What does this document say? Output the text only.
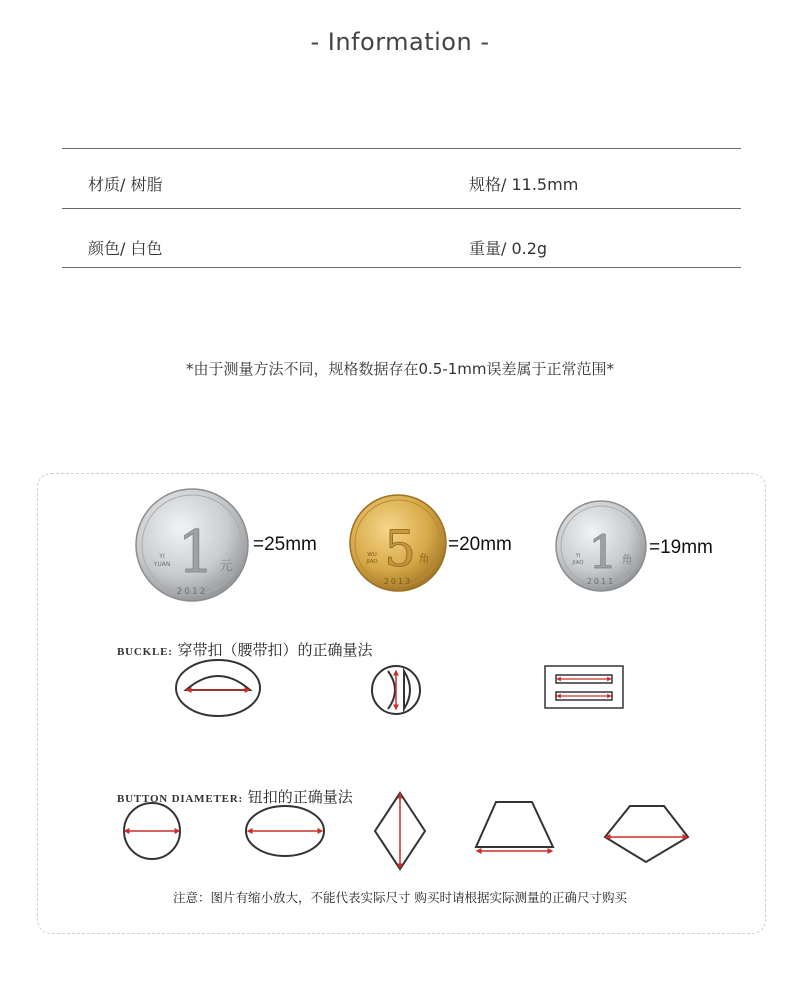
- Information -
材质/ 树脂	规格/ 11.5mm
颜色/ 白色	重量/ 0.2g
*由于测量方法不同，规格数据存在0.5-1mm误差属于正常范围*
1 元
YI
YUAN
2012
5 角
WU
JIAO
2013
1 角
YI
JIAO
2011
=25mm	=20mm	=19mm
BUCKLE: 穿带扣（腰带扣）的正确量法
BUTTON DIAMETER: 钮扣的正确量法
注意：图片有缩小放大，不能代表实际尺寸 购买时请根据实际测量的正确尺寸购买
